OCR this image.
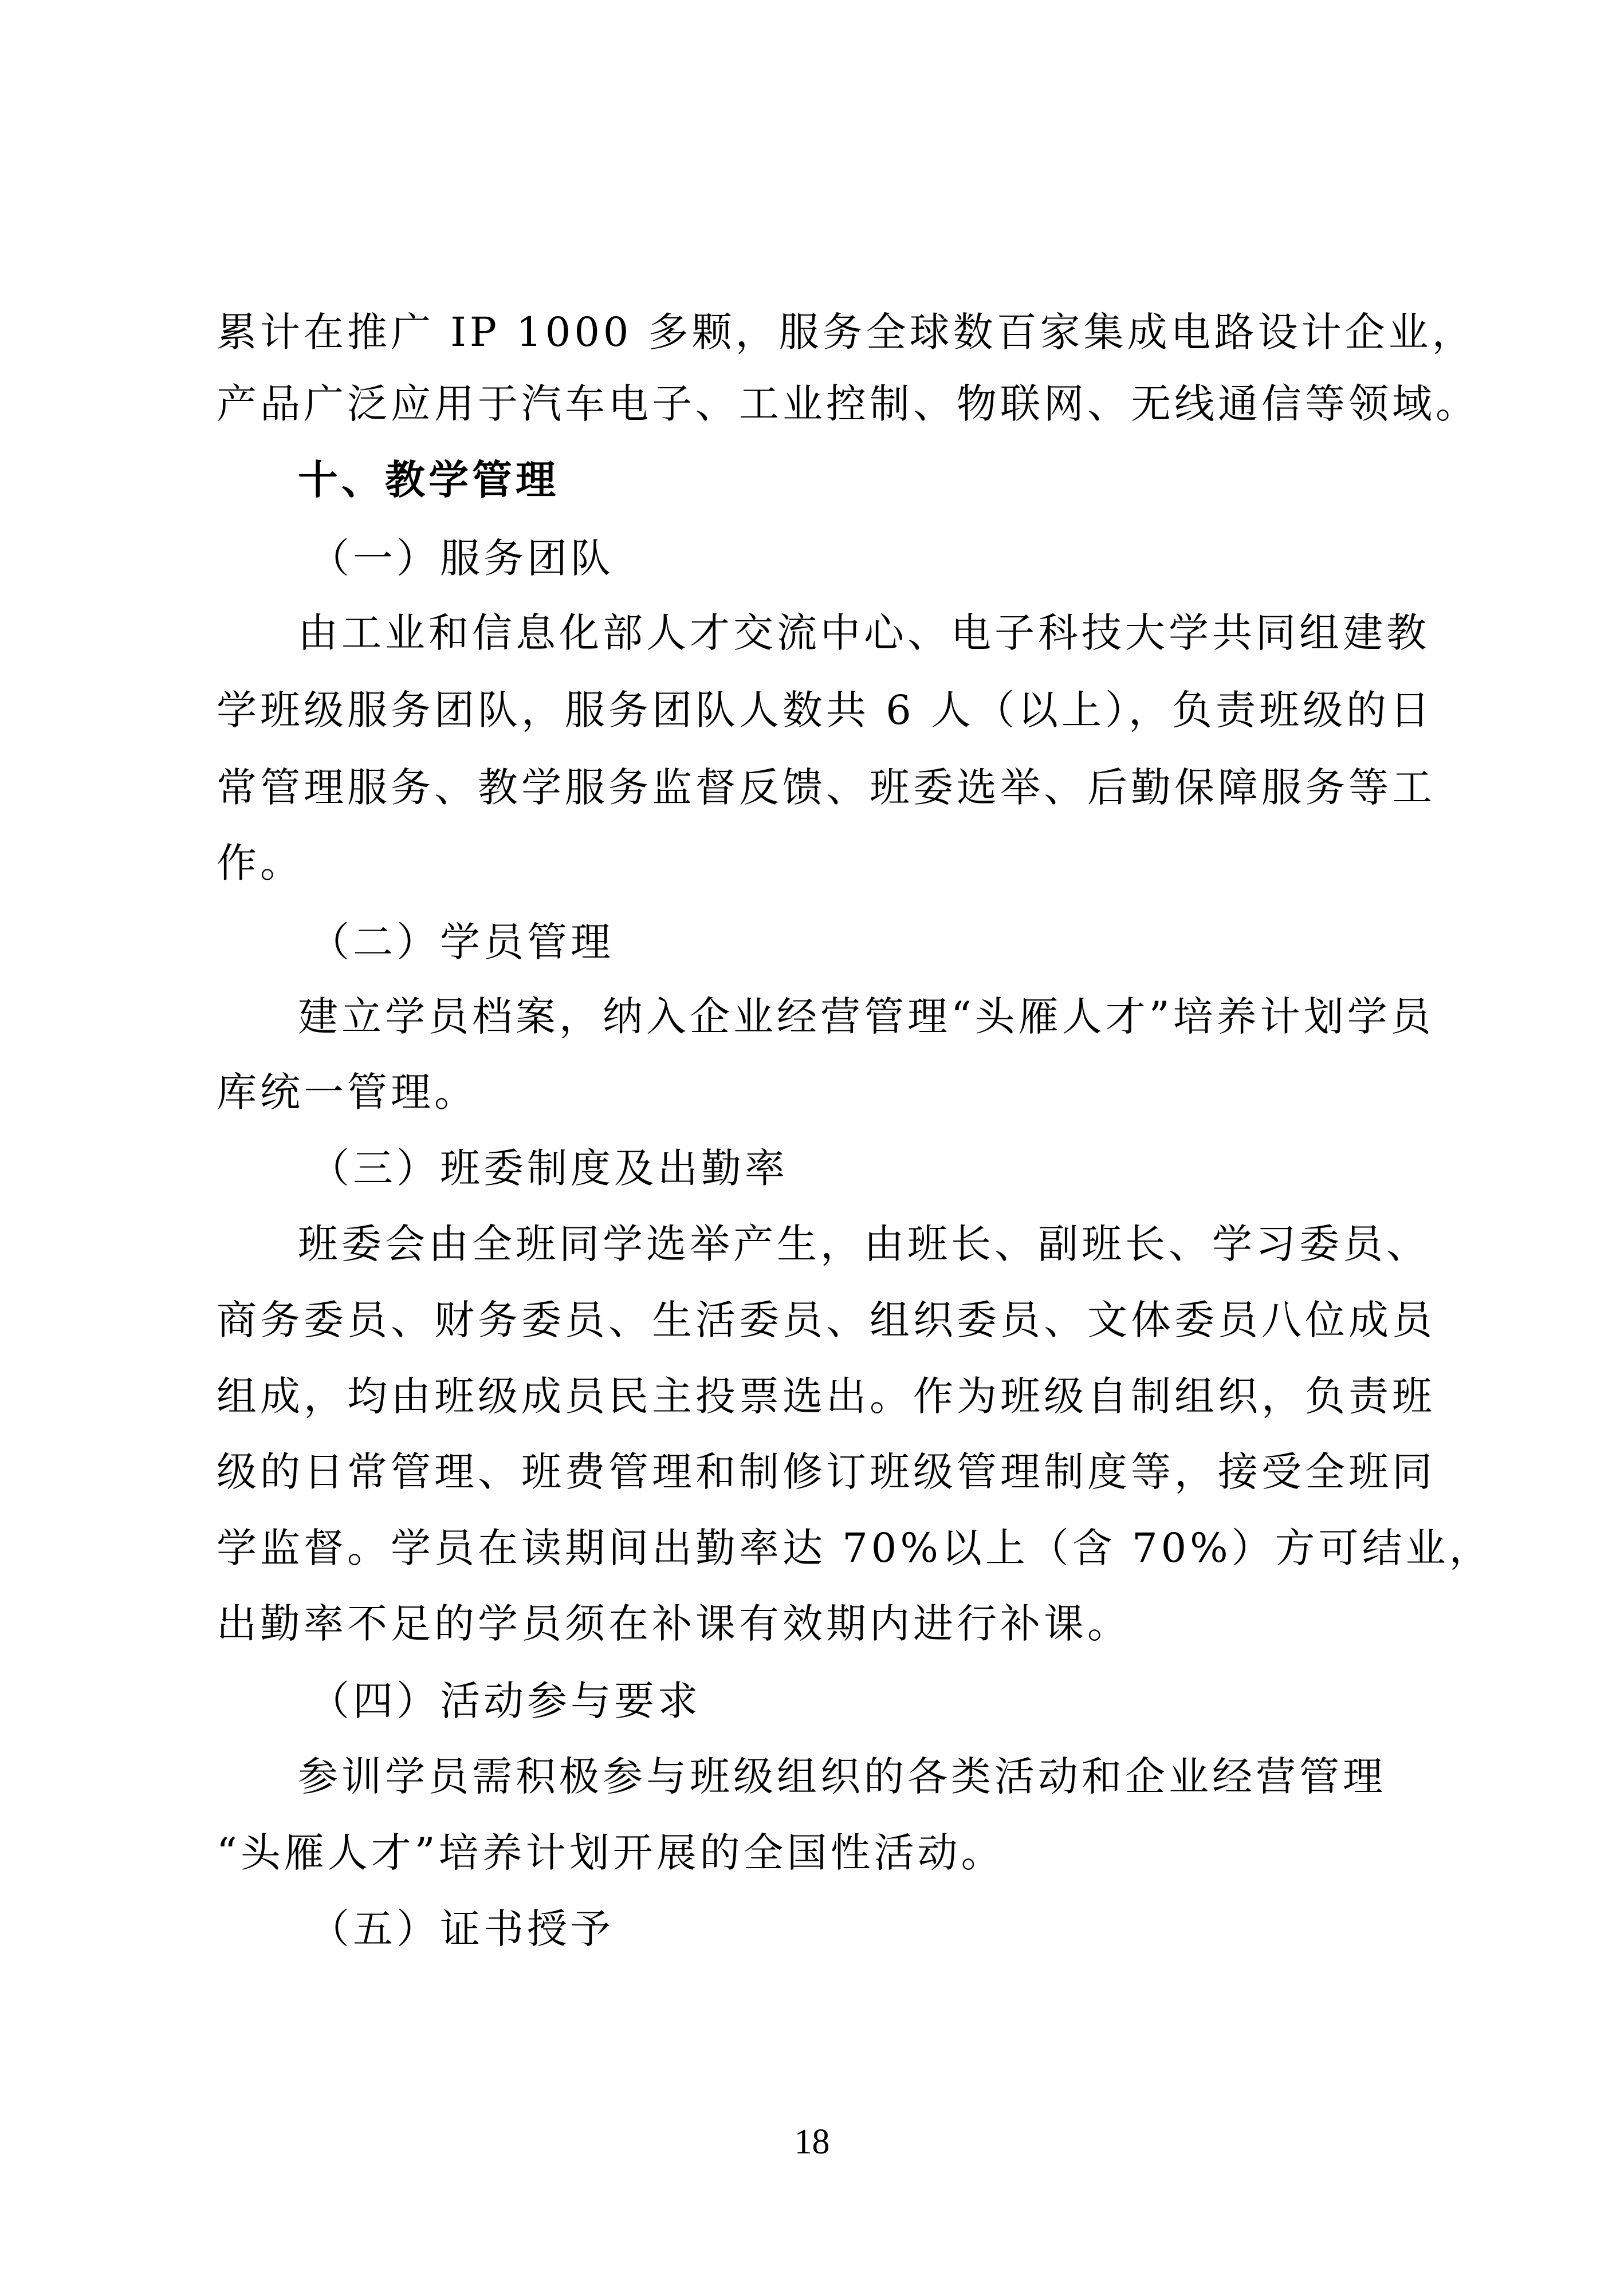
累计在推广 IP 1000 多颗，服务全球数百家集成电路设计企业，
产品广泛应用于汽车电子、工业控制、物联网、无线通信等领域。
十、教学管理
（一）服务团队
由工业和信息化部人才交流中心、电子科技大学共同组建教
学班级服务团队，服务团队人数共 6 人（以上），负责班级的日
常管理服务、教学服务监督反馈、班委选举、后勤保障服务等工
作。
（二）学员管理
建立学员档案，纳入企业经营管理“头雁人才”培养计划学员
库统一管理。
（三）班委制度及出勤率
班委会由全班同学选举产生，由班长、副班长、学习委员、
商务委员、财务委员、生活委员、组织委员、文体委员八位成员
组成，均由班级成员民主投票选出。作为班级自制组织，负责班
级的日常管理、班费管理和制修订班级管理制度等，接受全班同
学监督。学员在读期间出勤率达 70%以上（含 70%）方可结业，
出勤率不足的学员须在补课有效期内进行补课。
（四）活动参与要求
参训学员需积极参与班级组织的各类活动和企业经营管理
“头雁人才”培养计划开展的全国性活动。
（五）证书授予
18
